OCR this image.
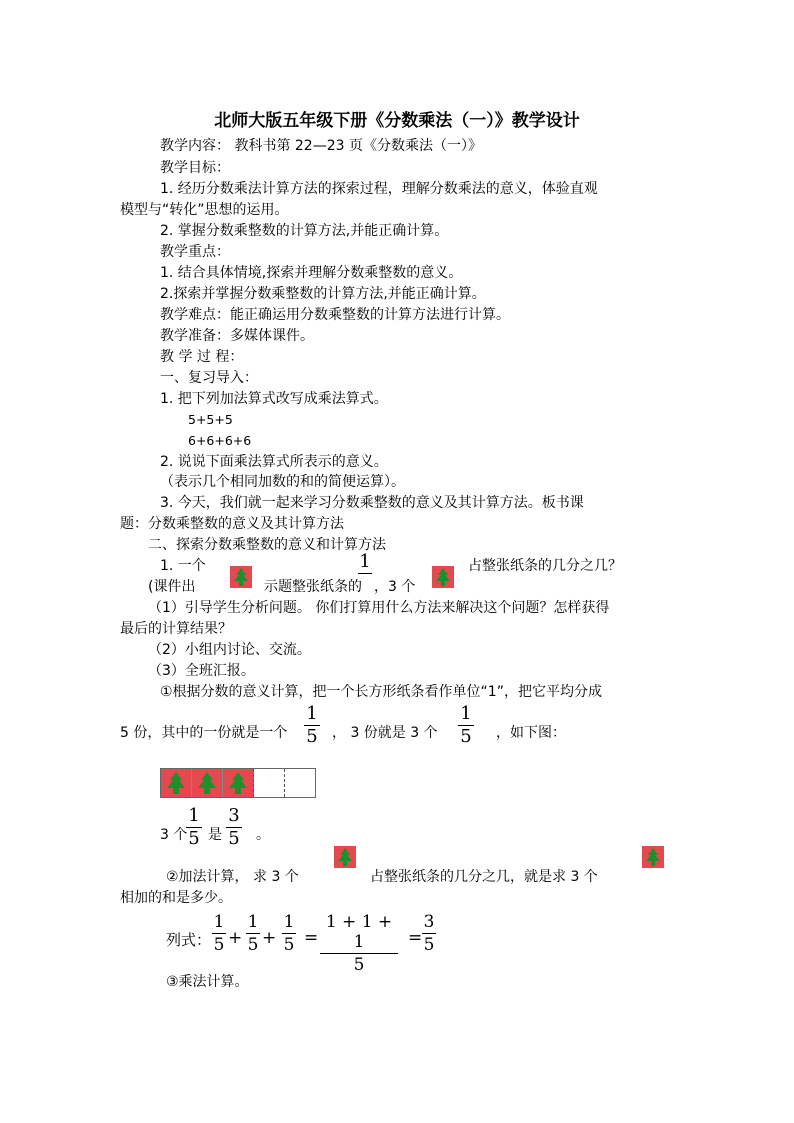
北师大版五年级下册《分数乘法（一）》教学设计
教学内容： 教科书第 22—23 页《分数乘法（一）》
教学目标：
1. 经历分数乘法计算方法的探索过程，理解分数乘法的意义，体验直观
模型与“转化”思想的运用。
2. 掌握分数乘整数的计算方法,并能正确计算。
教学重点：
1. 结合具体情境,探索并理解分数乘整数的意义。
2.探索并掌握分数乘整数的计算方法,并能正确计算。
教学难点：能正确运用分数乘整数的计算方法进行计算。
教学准备：多媒体课件。
教 学 过 程：
一、复习导入：
1. 把下列加法算式改写成乘法算式。
5+5+5
6+6+6+6
2. 说说下面乘法算式所表示的意义。
（表示几个相同加数的和的简便运算）。
3. 今天，我们就一起来学习分数乘整数的意义及其计算方法。板书课
题：分数乘整数的意义及其计算方法
二、探索分数乘整数的意义和计算方法
1. 一个	占整张纸条的几分之几？
(课件出	示题整张纸条的
1
，3 个
（1）引导学生分析问题。 你们打算用什么方法来解决这个问题？怎样获得
最后的计算结果？
（2）小组内讨论、交流。
（3）全班汇报。
①根据分数的意义计算，把一个长方形纸条看作单位“1”，把它平均分成
5 份，其中的一份就是一个
1
5 ， 3 份就是 3 个
1
5 ，如下图：
3 个
1
5 是
3
5 。
②加法计算， 求 3 个	占整张纸条的几分之几，就是求 3 个
相加的和是多少。
列式：
1
5 +
1
5 +
1
5 =
1 + 1 + 1
5
=
3
5
③乘法计算。
